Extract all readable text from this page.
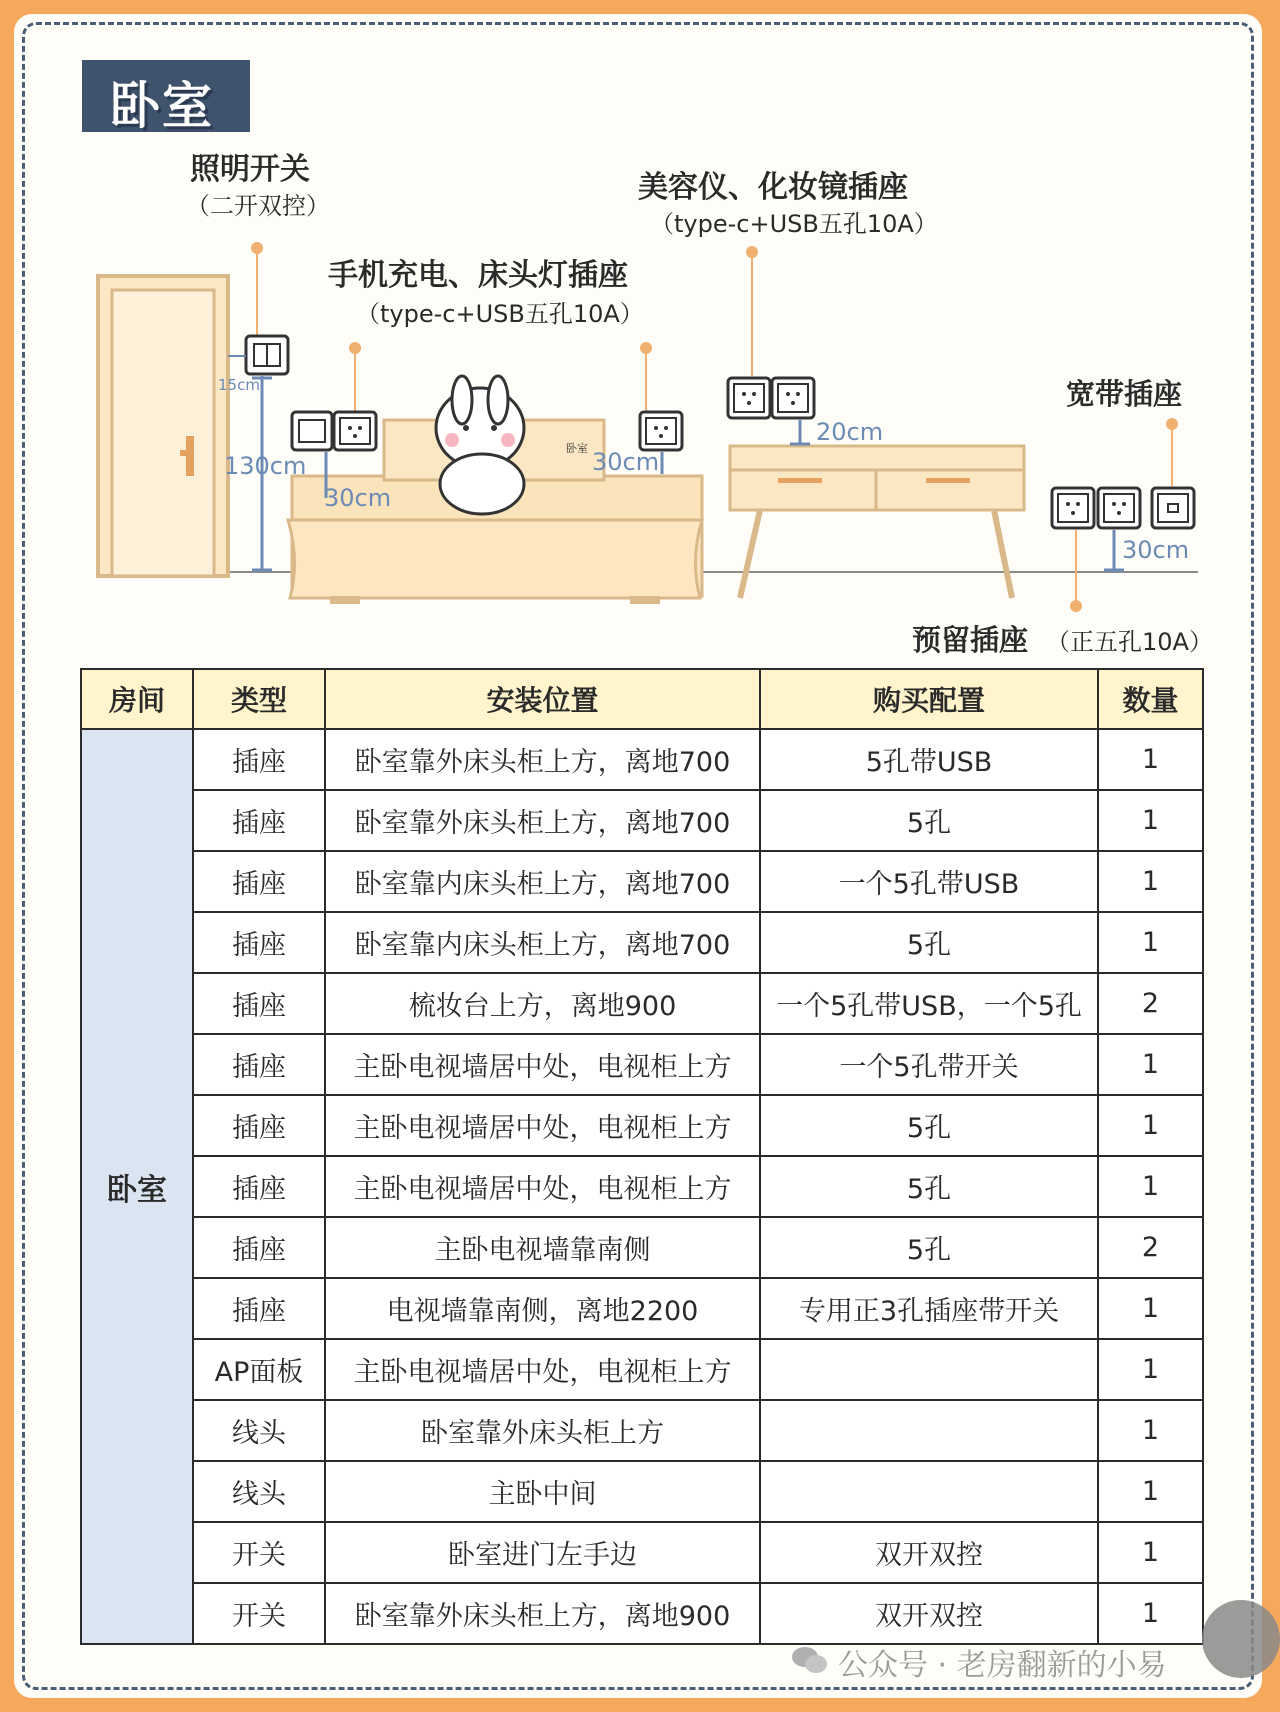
卧室
15cm
130cm
30cm
30cm
20cm
30cm
卧室
照明开关
（二开双控）
手机充电、床头灯插座
（type-c+USB五孔10A）
美容仪、化妆镜插座
（type-c+USB五孔10A）
宽带插座
预留插座 （正五孔10A）
房间	类型	安装位置	购买配置	数量
卧室	插座	卧室靠外床头柜上方，离地700	5孔带USB	1
	插座	卧室靠外床头柜上方，离地700	5孔	1
	插座	卧室靠内床头柜上方，离地700	一个5孔带USB	1
	插座	卧室靠内床头柜上方，离地700	5孔	1
	插座	梳妆台上方，离地900	一个5孔带USB，一个5孔	2
	插座	主卧电视墙居中处，电视柜上方	一个5孔带开关	1
	插座	主卧电视墙居中处，电视柜上方	5孔	1
	插座	主卧电视墙居中处，电视柜上方	5孔	1
	插座	主卧电视墙靠南侧	5孔	2
	插座	电视墙靠南侧，离地2200	专用正3孔插座带开关	1
	AP面板	主卧电视墙居中处，电视柜上方		1
	线头	卧室靠外床头柜上方		1
	线头	主卧中间		1
	开关	卧室进门左手边	双开双控	1
	开关	卧室靠外床头柜上方，离地900	双开双控	1
公众号 · 老房翻新的小易
